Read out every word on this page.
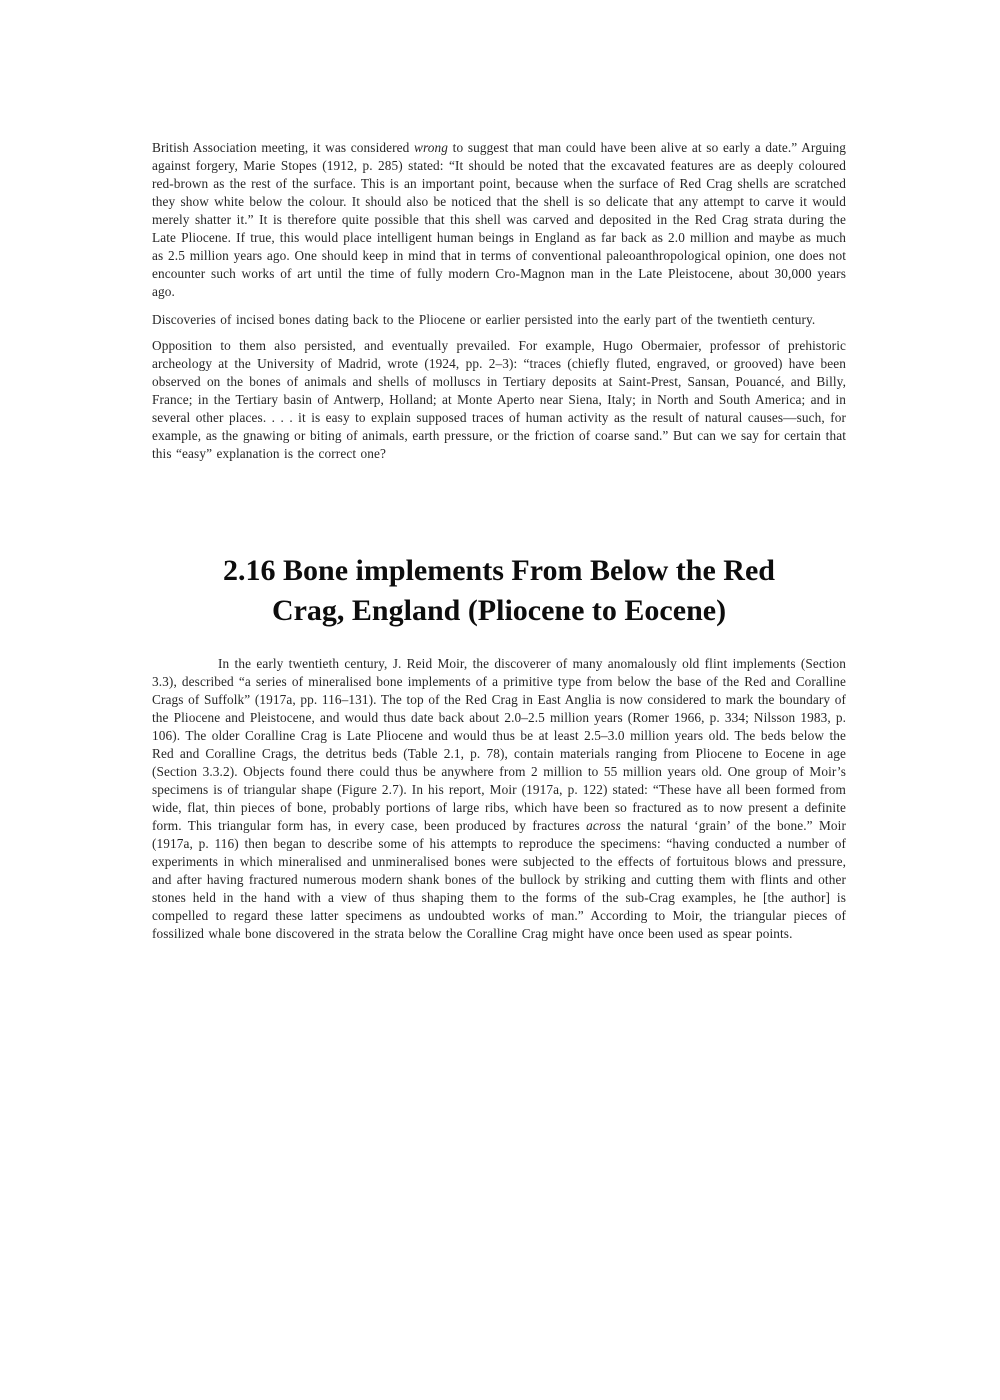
British Association meeting, it was considered wrong to suggest that man could have been alive at so early a date.” Arguing against forgery, Marie Stopes (1912, p. 285) stated: “It should be noted that the excavated features are as deeply coloured red-brown as the rest of the surface. This is an important point, because when the surface of Red Crag shells are scratched they show white below the colour. It should also be noticed that the shell is so delicate that any attempt to carve it would merely shatter it.” It is therefore quite possible that this shell was carved and deposited in the Red Crag strata during the Late Pliocene. If true, this would place intelligent human beings in England as far back as 2.0 million and maybe as much as 2.5 million years ago. One should keep in mind that in terms of conventional paleoanthropological opinion, one does not encounter such works of art until the time of fully modern Cro-Magnon man in the Late Pleistocene, about 30,000 years ago.

Discoveries of incised bones dating back to the Pliocene or earlier persisted into the early part of the twentieth century.

Opposition to them also persisted, and eventually prevailed. For example, Hugo Obermaier, professor of prehistoric archeology at the University of Madrid, wrote (1924, pp. 2–3): “traces (chiefly fluted, engraved, or grooved) have been observed on the bones of animals and shells of molluscs in Tertiary deposits at Saint-Prest, Sansan, Pouancé, and Billy, France; in the Tertiary basin of Antwerp, Holland; at Monte Aperto near Siena, Italy; in North and South America; and in several other places. . . . it is easy to explain supposed traces of human activity as the result of natural causes—such, for example, as the gnawing or biting of animals, earth pressure, or the friction of coarse sand.” But can we say for certain that this “easy” explanation is the correct one?

2.16 Bone implements From Below the Red
Crag, England (Pliocene to Eocene)

In the early twentieth century, J. Reid Moir, the discoverer of many anomalously old flint implements (Section 3.3), described “a series of mineralised bone implements of a primitive type from below the base of the Red and Coralline Crags of Suffolk” (1917a, pp. 116–131). The top of the Red Crag in East Anglia is now considered to mark the boundary of the Pliocene and Pleistocene, and would thus date back about 2.0–2.5 million years (Romer 1966, p. 334; Nilsson 1983, p. 106). The older Coralline Crag is Late Pliocene and would thus be at least 2.5–3.0 million years old. The beds below the Red and Coralline Crags, the detritus beds (Table 2.1, p. 78), contain materials ranging from Pliocene to Eocene in age (Section 3.3.2). Objects found there could thus be anywhere from 2 million to 55 million years old. One group of Moir’s specimens is of triangular shape (Figure 2.7). In his report, Moir (1917a, p. 122) stated: “These have all been formed from wide, flat, thin pieces of bone, probably portions of large ribs, which have been so fractured as to now present a definite form. This triangular form has, in every case, been produced by fractures across the natural ‘grain’ of the bone.” Moir (1917a, p. 116) then began to describe some of his attempts to reproduce the specimens: “having conducted a number of experiments in which mineralised and unmineralised bones were subjected to the effects of fortuitous blows and pressure, and after having fractured numerous modern shank bones of the bullock by striking and cutting them with flints and other stones held in the hand with a view of thus shaping them to the forms of the sub-Crag examples, he [the author] is compelled to regard these latter specimens as undoubted works of man.” According to Moir, the triangular pieces of fossilized whale bone discovered in the strata below the Coralline Crag might have once been used as spear points.
